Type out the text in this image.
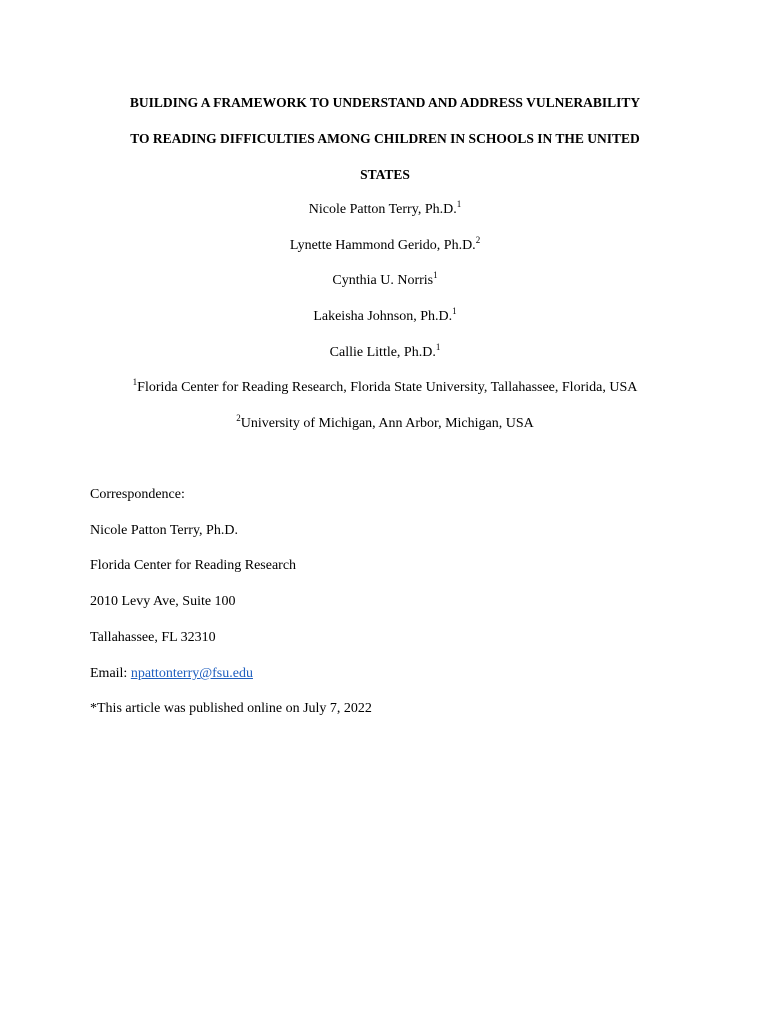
BUILDING A FRAMEWORK TO UNDERSTAND AND ADDRESS VULNERABILITY
TO READING DIFFICULTIES AMONG CHILDREN IN SCHOOLS IN THE UNITED
STATES
Nicole Patton Terry, Ph.D.$^1$
Lynette Hammond Gerido, Ph.D.$^2$
Cynthia U. Norris$^1$
Lakeisha Johnson, Ph.D.$^1$
Callie Little, Ph.D.$^1$
$^1$Florida Center for Reading Research, Florida State University, Tallahassee, Florida, USA
$^2$University of Michigan, Ann Arbor, Michigan, USA
Correspondence:
Nicole Patton Terry, Ph.D.
Florida Center for Reading Research
2010 Levy Ave, Suite 100
Tallahassee, FL 32310
Email: npattonterry@fsu.edu
*This article was published online on July 7, 2022
